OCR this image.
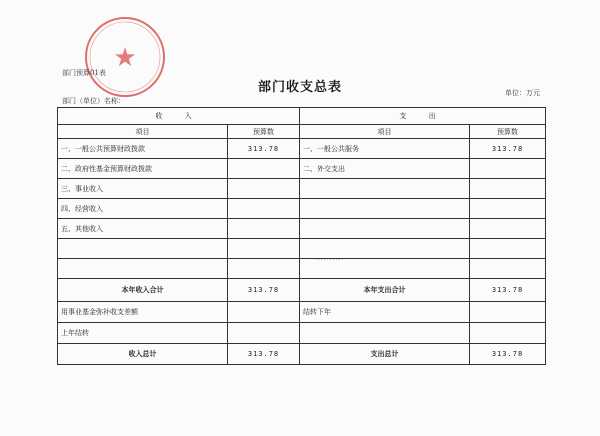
★
部门预算01表
部门收支总表
部门（单位）名称：
单位：万元
收 入		支 出	
项目	预算数	项目	预算数
一、一般公共预算财政拨款	313.78	一、一般公共服务	313.78
二、政府性基金预算财政拨款		二、外交支出	
三、事业收入			
四、经营收入			
五、其他收入			

本年收入合计	313.78	本年支出合计	313.78
用事业基金弥补收支差额		结转下年	
上年结转			
收入总计	313.78	支出总计	313.78
..........
